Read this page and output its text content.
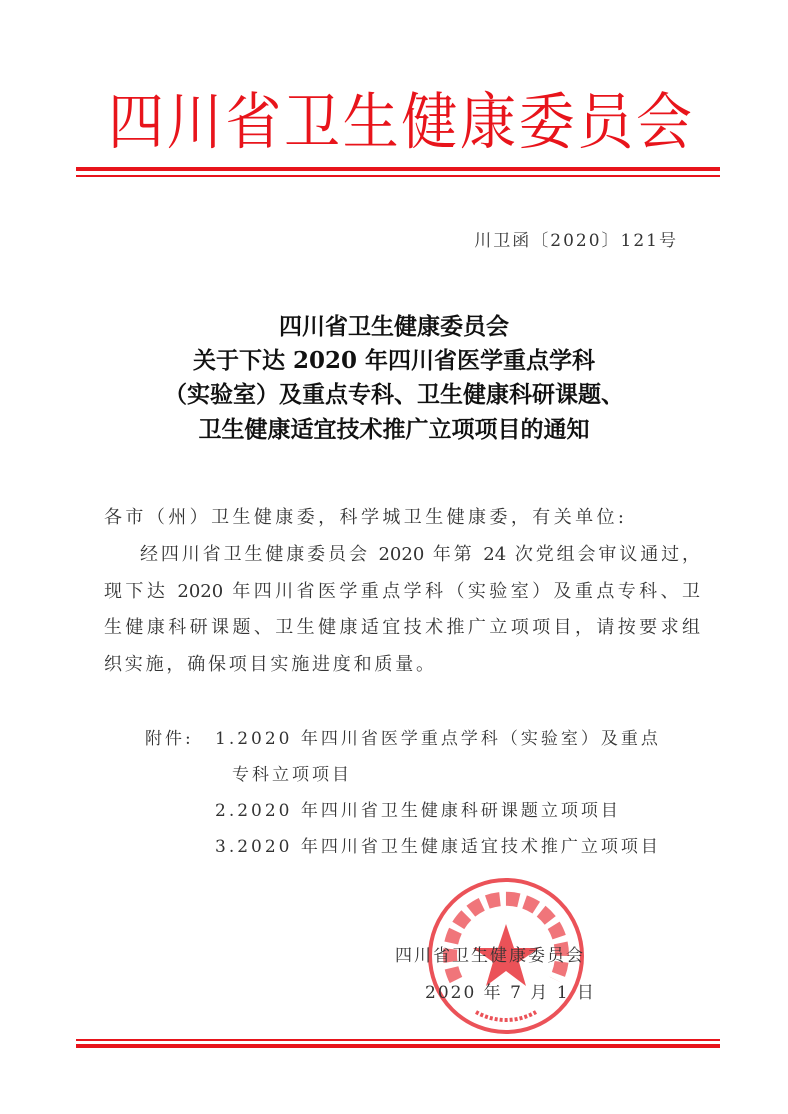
四川省卫生健康委员会
川卫函〔2020〕121号
四川省卫生健康委员会
关于下达 2020 年四川省医学重点学科
（实验室）及重点专科、卫生健康科研课题、
卫生健康适宜技术推广立项项目的通知
各市（州）卫生健康委，科学城卫生健康委，有关单位:
经四川省卫生健康委员会 2020 年第 24 次党组会审议通过，
现下达 2020 年四川省医学重点学科（实验室）及重点专科、卫
生健康科研课题、卫生健康适宜技术推广立项项目，请按要求组
织实施，确保项目实施进度和质量。
附件: 1.2020 年四川省医学重点学科（实验室）及重点
专科立项项目
2.2020 年四川省卫生健康科研课题立项项目
3.2020 年四川省卫生健康适宜技术推广立项项目
四川省卫生健康委员会
2020 年 7 月 1 日
